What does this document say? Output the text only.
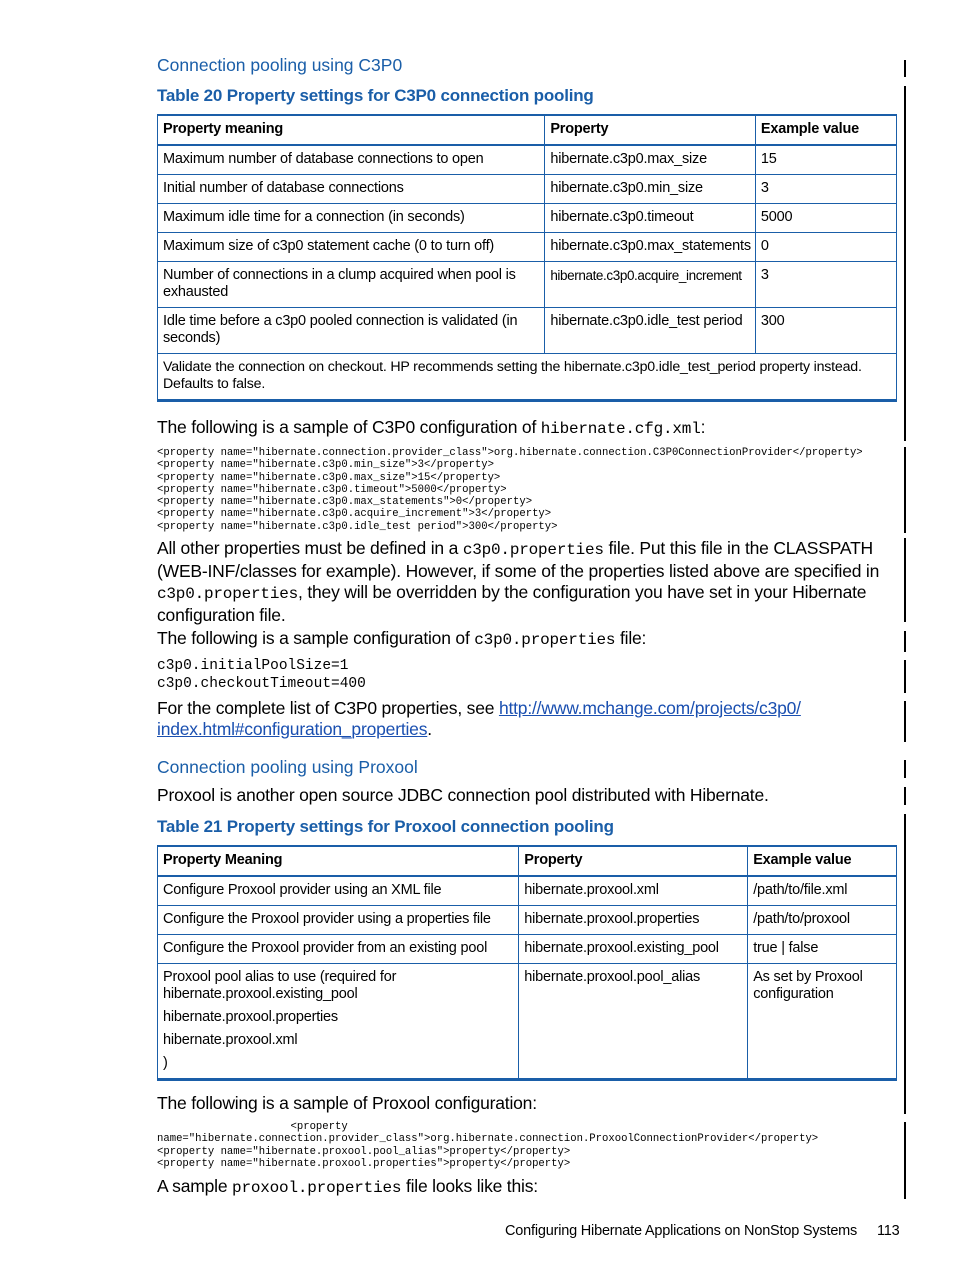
Connection pooling using C3P0
Table 20 Property settings for C3P0 connection pooling
Property meaning	Property	Example value
Maximum number of database connections to open	hibernate.c3p0.max_size	15
Initial number of database connections	hibernate.c3p0.min_size	3
Maximum idle time for a connection (in seconds)	hibernate.c3p0.timeout	5000
Maximum size of c3p0 statement cache (0 to turn off)	hibernate.c3p0.max_statements	0
Number of connections in a clump acquired when pool is exhausted	hibernate.c3p0.acquire_increment	3
Idle time before a c3p0 pooled connection is validated (in seconds)	hibernate.c3p0.idle_test period	300
Validate the connection on checkout. HP recommends setting the hibernate.c3p0.idle_test_period property instead. Defaults to false.		
The following is a sample of C3P0 configuration of hibernate.cfg.xml:
<property name="hibernate.connection.provider_class">org.hibernate.connection.C3P0ConnectionProvider</property>
<property name="hibernate.c3p0.min_size">3</property>
<property name="hibernate.c3p0.max_size">15</property>
<property name="hibernate.c3p0.timeout">5000</property>
<property name="hibernate.c3p0.max_statements">0</property>
<property name="hibernate.c3p0.acquire_increment">3</property>
<property name="hibernate.c3p0.idle_test period">300</property>
All other properties must be defined in a c3p0.properties file. Put this file in the CLASSPATH (WEB-INF/classes for example). However, if some of the properties listed above are specified in c3p0.properties, they will be overridden by the configuration you have set in your Hibernate configuration file.
The following is a sample configuration of c3p0.properties file:
c3p0.initialPoolSize=1
c3p0.checkoutTimeout=400
For the complete list of C3P0 properties, see http://www.mchange.com/projects/c3p0/
index.html#configuration_properties.
Connection pooling using Proxool
Proxool is another open source JDBC connection pool distributed with Hibernate.
Table 21 Property settings for Proxool connection pooling
Property Meaning	Property	Example value
Configure Proxool provider using an XML file	hibernate.proxool.xml	/path/to/file.xml
Configure the Proxool provider using a properties file	hibernate.proxool.properties	/path/to/proxool
Configure the Proxool provider from an existing pool	hibernate.proxool.existing_pool	true | false

Proxool pool alias to use (required for hibernate.proxool.existing_pool
hibernate.proxool.properties
hibernate.proxool.xml
)	hibernate.proxool.pool_alias	As set by Proxool configuration
The following is a sample of Proxool configuration:
<property
name="hibernate.connection.provider_class">org.hibernate.connection.ProxoolConnectionProvider</property>
<property name="hibernate.proxool.pool_alias">property</property>
<property name="hibernate.proxool.properties">property</property>
A sample proxool.properties file looks like this:
Configuring Hibernate Applications on NonStop Systems 113
